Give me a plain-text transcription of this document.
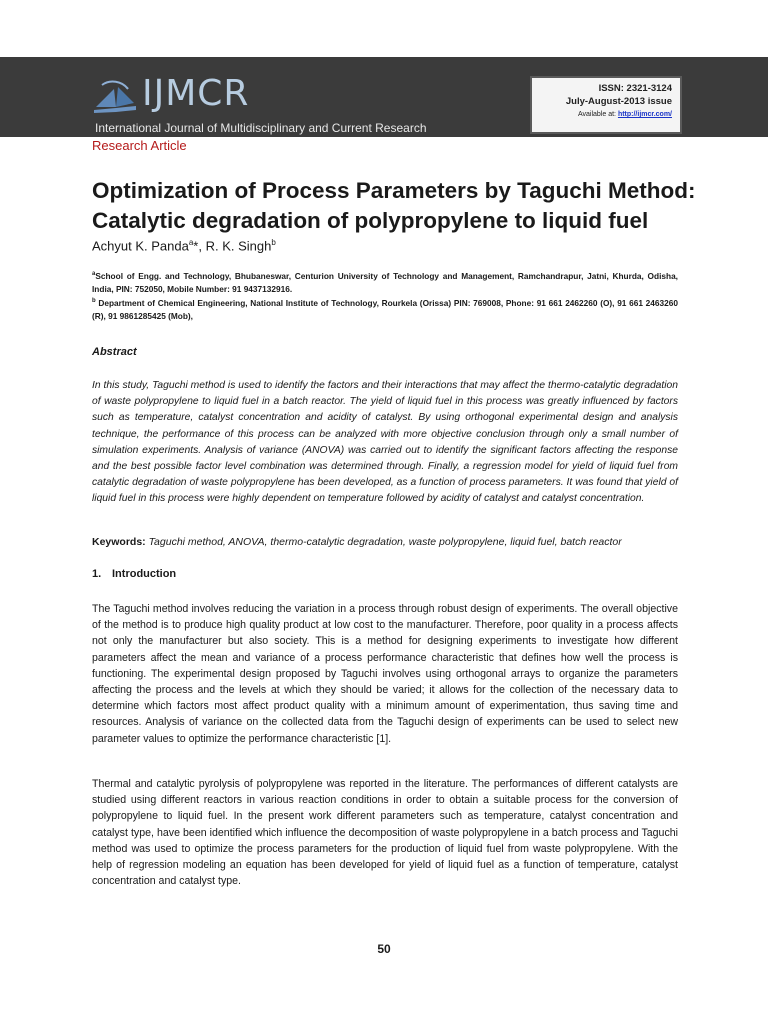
IJMCR
International Journal of Multidisciplinary and Current Research
ISSN: 2321-3124
July-August-2013 issue
Available at: http://ijmcr.com/
Research Article
Optimization of Process Parameters by Taguchi Method: Catalytic degradation of polypropylene to liquid fuel
Achyut K. Panda$^a$*, R. K. Singh$^b$
$^a$School of Engg. and Technology, Bhubaneswar, Centurion University of Technology and Management, Ramchandrapur, Jatni, Khurda, Odisha, India, PIN: 752050, Mobile Number: 91 9437132916.
$^b$ Department of Chemical Engineering, National Institute of Technology, Rourkela (Orissa) PIN: 769008, Phone: 91 661 2462260 (O), 91 661 2463260 (R), 91 9861285425 (Mob),
Abstract
In this study, Taguchi method is used to identify the factors and their interactions that may affect the thermo-catalytic degradation of waste polypropylene to liquid fuel in a batch reactor. The yield of liquid fuel in this process was greatly influenced by factors such as temperature, catalyst concentration and acidity of catalyst. By using orthogonal experimental design and analysis technique, the performance of this process can be analyzed with more objective conclusion through only a small number of simulation experiments. Analysis of variance (ANOVA) was carried out to identify the significant factors affecting the response and the best possible factor level combination was determined through. Finally, a regression model for yield of liquid fuel from catalytic degradation of waste polypropylene has been developed, as a function of process parameters. It was found that yield of liquid fuel in this process were highly dependent on temperature followed by acidity of catalyst and catalyst concentration.
Keywords: Taguchi method, ANOVA, thermo-catalytic degradation, waste polypropylene, liquid fuel, batch reactor
1. Introduction
The Taguchi method involves reducing the variation in a process through robust design of experiments. The overall objective of the method is to produce high quality product at low cost to the manufacturer. Therefore, poor quality in a process affects not only the manufacturer but also society. This is a method for designing experiments to investigate how different parameters affect the mean and variance of a process performance characteristic that defines how well the process is functioning. The experimental design proposed by Taguchi involves using orthogonal arrays to organize the parameters affecting the process and the levels at which they should be varied; it allows for the collection of the necessary data to determine which factors most affect product quality with a minimum amount of experimentation, thus saving time and resources. Analysis of variance on the collected data from the Taguchi design of experiments can be used to select new parameter values to optimize the performance characteristic [1].
Thermal and catalytic pyrolysis of polypropylene was reported in the literature. The performances of different catalysts are studied using different reactors in various reaction conditions in order to obtain a suitable process for the conversion of polypropylene to liquid fuel. In the present work different parameters such as temperature, catalyst concentration and catalyst type, have been identified which influence the decomposition of waste polypropylene in a batch process and Taguchi method was used to optimize the process parameters for the production of liquid fuel from waste polypropylene. With the help of regression modeling an equation has been developed for yield of liquid fuel as a function of temperature, catalyst concentration and catalyst type.
50
